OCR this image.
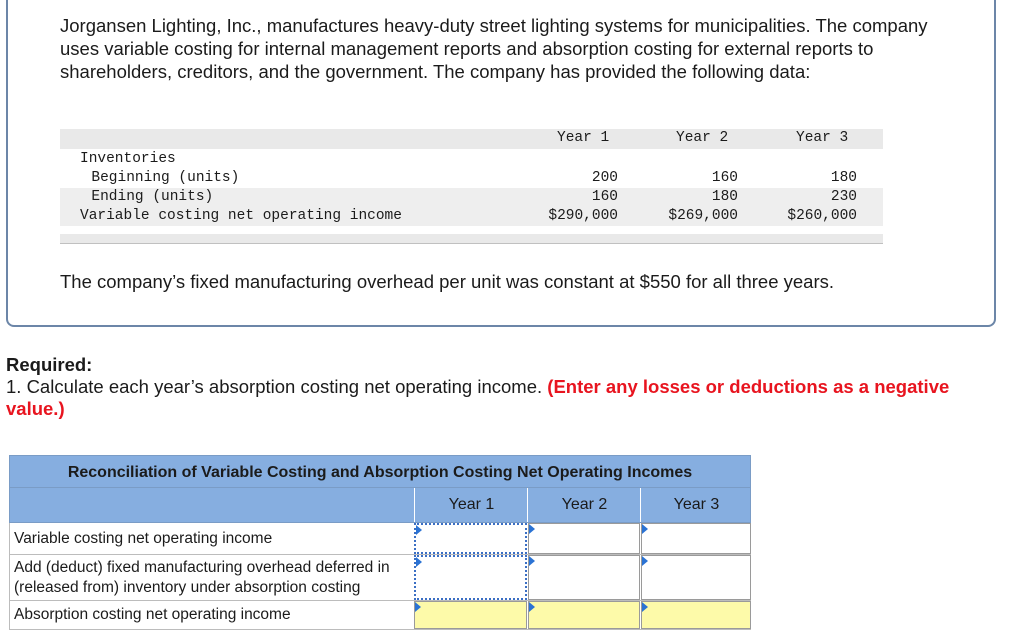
Jorgansen Lighting, Inc., manufactures heavy-duty street lighting systems for municipalities. The company uses variable costing for internal management reports and absorption costing for external reports to shareholders, creditors, and the government. The company has provided the following data:

Year 1	Year 2	Year 3
Inventories
Beginning (units)	200	160	180
Ending (units)	160	180	230
Variable costing net operating income	$290,000	$269,000	$260,000

The company’s fixed manufacturing overhead per unit was constant at $550 for all three years.

Required:
1. Calculate each year’s absorption costing net operating income. (Enter any losses or deductions as a negative value.)
Reconciliation of Variable Costing and Absorption Costing Net Operating Incomes
Year 1	Year 2	Year 3
Variable costing net operating income
Add (deduct) fixed manufacturing overhead deferred in (released from) inventory under absorption costing
Absorption costing net operating income
